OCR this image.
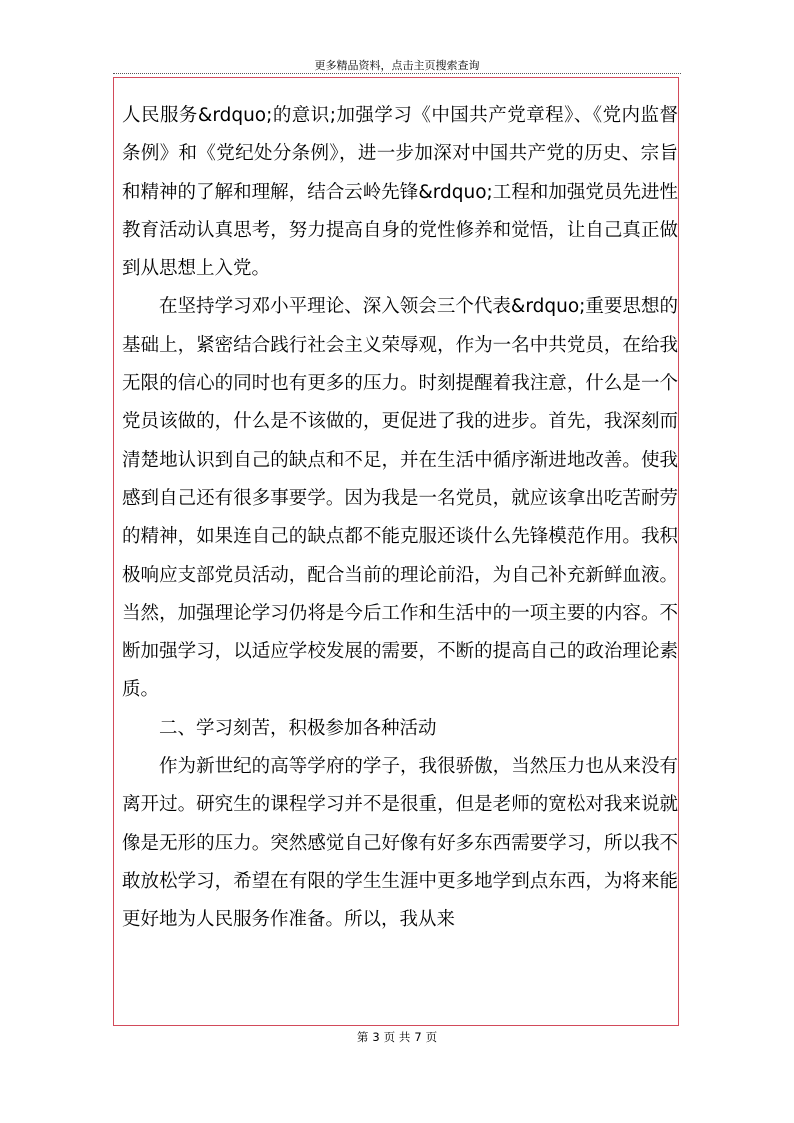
更多精品资料，点击主页搜索查询

人民服务&rdquo;的意识;加强学习《中国共产党章程》、《党内监督条例》和《党纪处分条例》，进一步加深对中国共产党的历史、宗旨和精神的了解和理解，结合云岭先锋&rdquo;工程和加强党员先进性教育活动认真思考，努力提高自身的党性修养和觉悟，让自己真正做到从思想上入党。

在坚持学习邓小平理论、深入领会三个代表&rdquo;重要思想的基础上，紧密结合践行社会主义荣辱观，作为一名中共党员，在给我无限的信心的同时也有更多的压力。时刻提醒着我注意，什么是一个党员该做的，什么是不该做的，更促进了我的进步。首先，我深刻而清楚地认识到自己的缺点和不足，并在生活中循序渐进地改善。使我感到自己还有很多事要学。因为我是一名党员，就应该拿出吃苦耐劳的精神，如果连自己的缺点都不能克服还谈什么先锋模范作用。我积极响应支部党员活动，配合当前的理论前沿，为自己补充新鲜血液。当然，加强理论学习仍将是今后工作和生活中的一项主要的内容。不断加强学习，以适应学校发展的需要，不断的提高自己的政治理论素质。

二、学习刻苦，积极参加各种活动

作为新世纪的高等学府的学子，我很骄傲，当然压力也从来没有离开过。研究生的课程学习并不是很重，但是老师的宽松对我来说就像是无形的压力。突然感觉自己好像有好多东西需要学习，所以我不敢放松学习，希望在有限的学生生涯中更多地学到点东西，为将来能更好地为人民服务作准备。所以，我从来

第 3 页 共 7 页
